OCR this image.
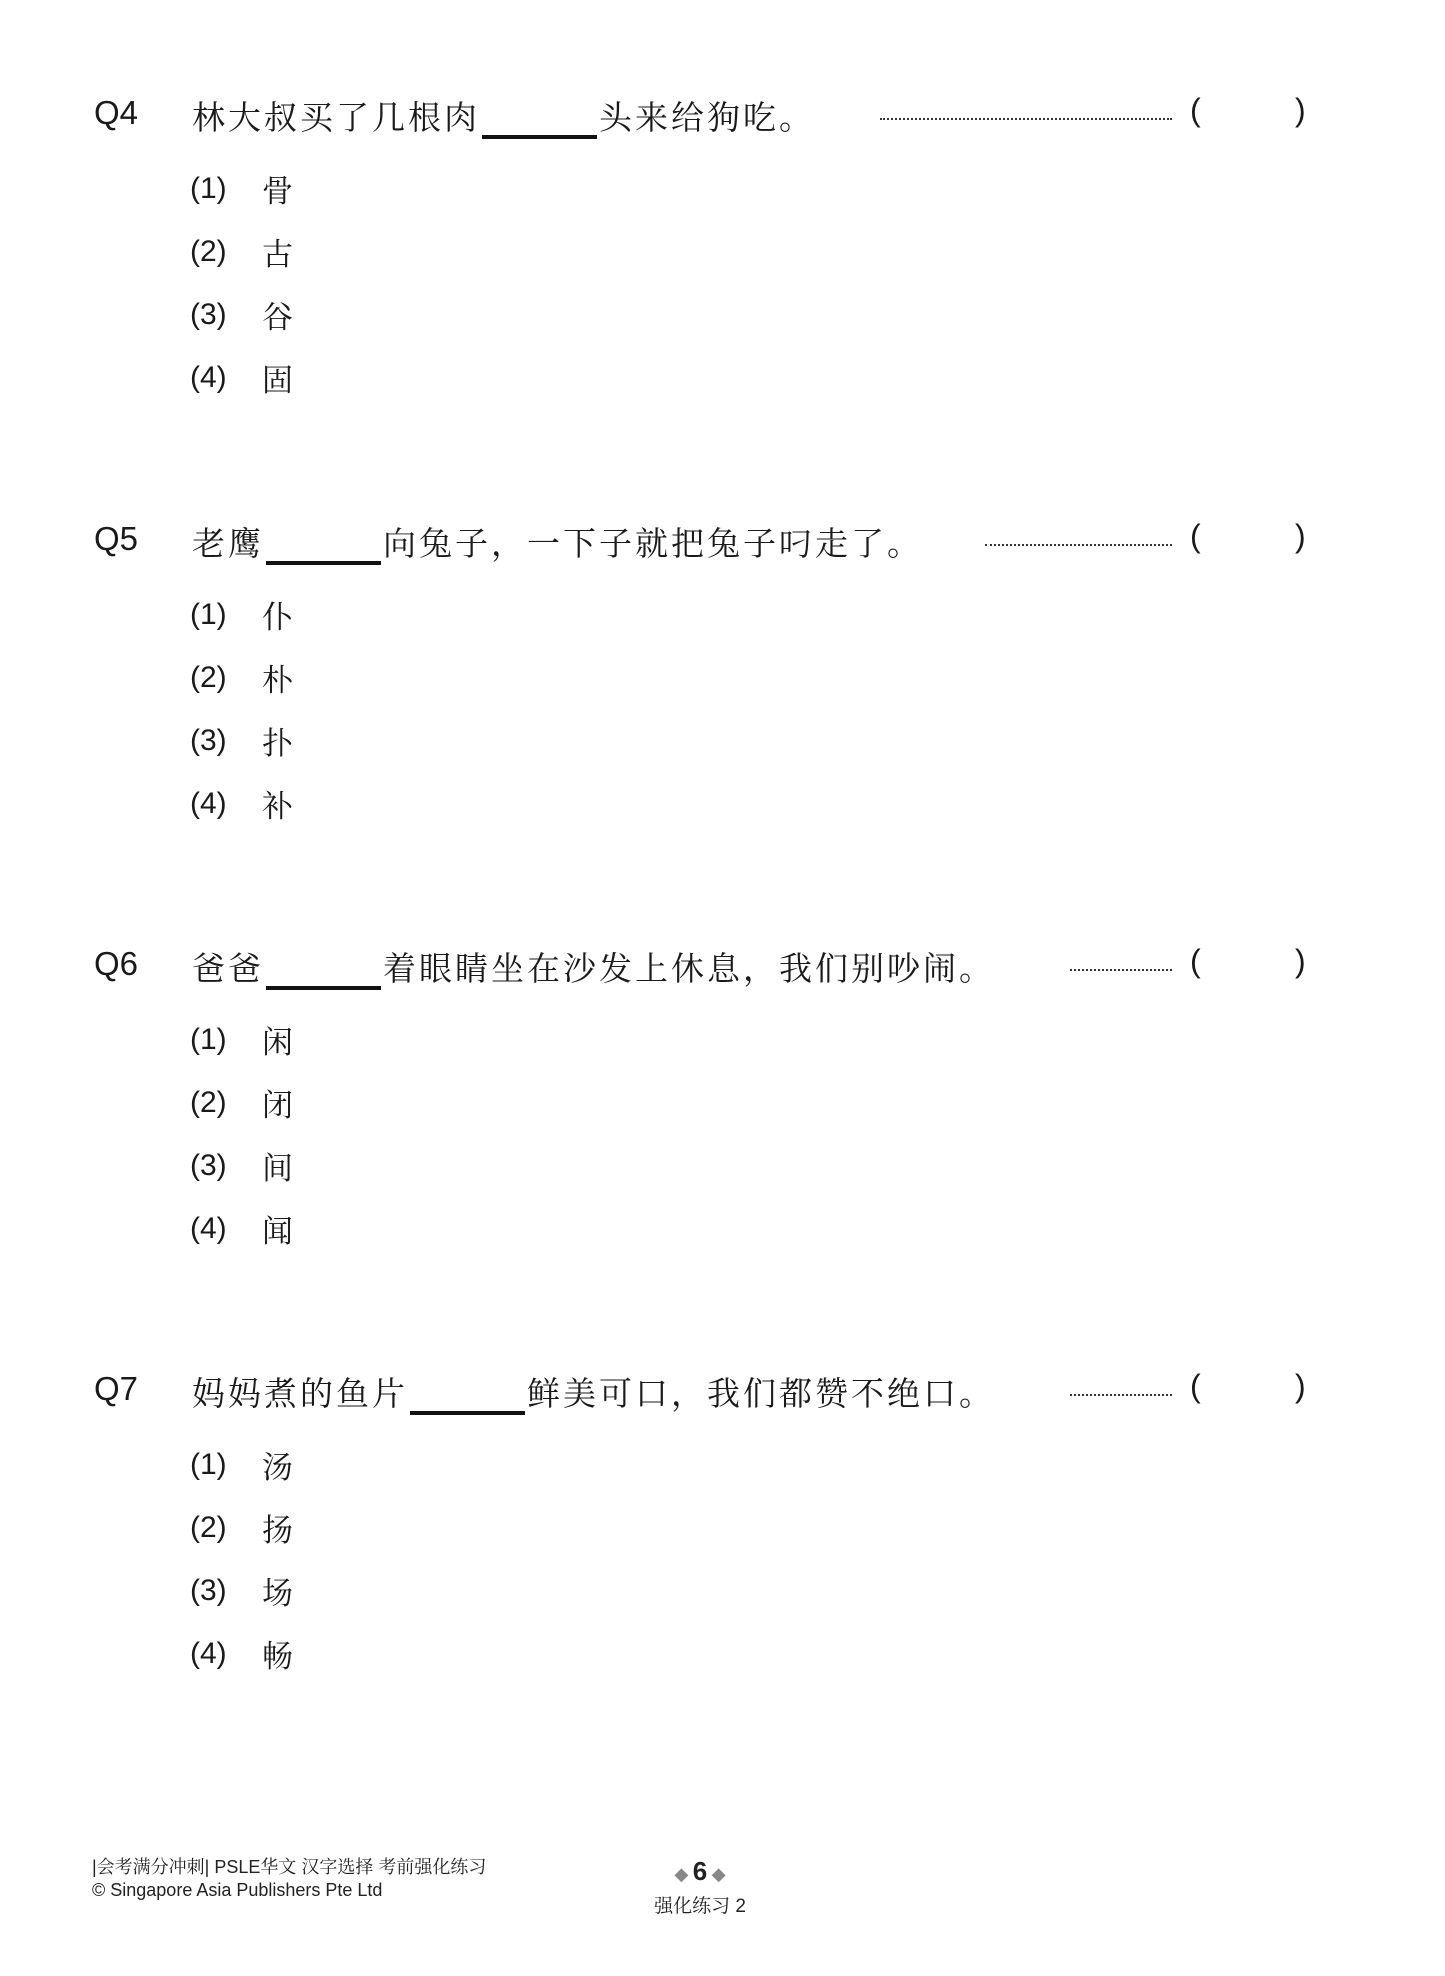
Q4 林大叔买了几根肉	头来给狗吃。	(	)
(1)	骨
(2)	古
(3)	谷
(4)	固
Q5 老鹰	向兔子，一下子就把兔子叼走了。	(	)
(1)	仆
(2)	朴
(3)	扑
(4)	补
Q6 爸爸	着眼睛坐在沙发上休息，我们别吵闹。	(	)
(1)	闲
(2)	闭
(3)	间
(4)	闻
Q7 妈妈煮的鱼片	鲜美可口，我们都赞不绝口。	(	)
(1)	汤
(2)	扬
(3)	场
(4)	畅
|会考满分冲刺| PSLE华文 汉字选择 考前强化练习
© Singapore Asia Publishers Pte Ltd
◆ 6 ◆
强化练习 2
